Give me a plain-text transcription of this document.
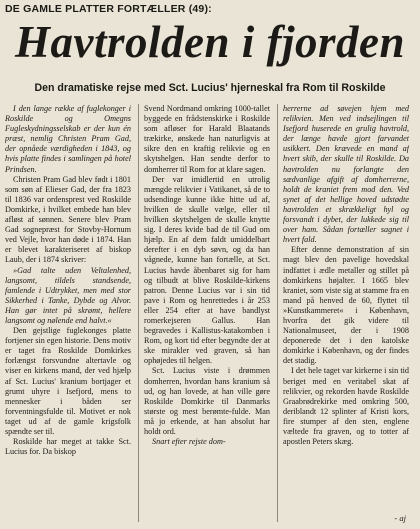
DE GAMLE PLATTER FORTÆLLER (49):
Havtrolden i fjorden
Den dramatiske rejse med Sct. Lucius' hjerneskal fra Rom til Roskilde

I den lange række af fuglekonger i Roskilde og Omegns Fugleskydningsselskab er der kun én præst, nemlig Christen Pram Gad, der opnåede værdigheden i 1843, og hvis platte findes i samlingen på hotel Prindsen.

Christen Pram Gad blev født i 1801 som søn af Elieser Gad, der fra 1823 til 1836 var ordensprest ved Roskilde Domkirke, i hvilket embede han blev afløst af sønnen. Senere blev Pram Gad sognepræst for Stovby-Hornum ved Vejle, hvor han døde i 1874. Han er blevet karakteriseret af biskop Laub, der i 1874 skriver:

»Gad talte uden Veltalenhed, langsomt, tildels standsende, famlende i Udtrykket, men med stor Sikkerhed i Tanke, Dybde og Alvor. Han gør intet på skrømt, hellere langsomt og nølende end halvt.«

Den gejstlige fuglekonges platte fortjener sin egen historie. Dens motiv er taget fra Roskilde Domkirkes forlængst forsvundne altertavle og viser en kirkens mand, der ved hjælp af Sct. Lucius' kranium bortjager et grumt uhyre i Isefjord, mens to mennesker i båden ser forventningsfulde til. Motivet er nok taget ud af de gamle krigsfolk spændte ser til.

Roskilde har meget at takke Sct. Lucius for. Da biskop

Svend Nordmand omkring 1000-tallet byggede en frådstenskirke i Roskilde som afløser for Harald Blaatands trækirke, ønskede han naturligvis at sikre den en kraftig relikvie og en skytshelgen. Han sendte derfor to domherrer til Rom for at klare sagen.

Der var imidlertid en utrolig mængde relikvier i Vatikanet, så de to udsendinge kunne ikke hitte ud af, hvilken de skulle vælge, eller til hvilken skytshelgen de skulle knytte sig. I deres kvide bad de til Gud om hjælp. En af dem faldt umiddelbart derefter i en dyb søvn, og da han vågnede, kunne han fortælle, at Sct. Lucius havde åbenbaret sig for ham og tilbudt at blive Roskilde-kirkens patron. Denne Lucius var i sin tid pave i Rom og henrettedes i år 253 eller 254 efter at have bandlyst romerkejseren Gallus. Han begravedes i Kallistus-katakomben i Rom, og kort tid efter begyndte der at ske mirakler ved graven, så han ophøjedes til helgen.

Sct. Lucius viste i drømmen domherren, hvordan hans kranium så ud, og han lovede, at han ville gøre Roskilde Domkirke til Danmarks største og mest berømte-fulde. Man må jo erkende, at han absolut har holdt ord.

Snart efter rejste dom-

herrerne ad søvejen hjem med relikvien. Men ved indsejlingen til Isefjord huserede en grulig havtrold, der længe havde gjort farvandet usikkert. Den krævede en mand af hvert skib, der skulle til Roskilde. Da havtrolden nu forlangte den sædvanlige afgift af domherrerne, holdt de kraniet frem mod den. Ved synet af det hellige hoved udstødte havtrolden et skrækkeligt hyl og forsvandt i dybet, der lukkede sig til over ham. Sådan fortæller sagnet i hvert fald.

Efter denne demonstration af sin magt blev den pavelige hovedskal indfattet i ædle metaller og stillet på domkirkens højalter. I 1665 blev kraniet, som viste sig at stamme fra en mand på henved de 60, flyttet til »Kunstkammeret« i København, hvorfra det gik videre til Nationalmuseet, der i 1908 deponerede det i den katolske domkirke i København, og der findes det stadig.

I det hele taget var kirkerne i sin tid beriget med en veritabel skat af relikvier, og rekorden havde Roskilde Graabrødrekirke med omkring 500, deriblandt 12 splinter af Kristi kors, fire stumper af den sten, englene væltede fra graven, og to totter af apostlen Peters skæg.

- aj
